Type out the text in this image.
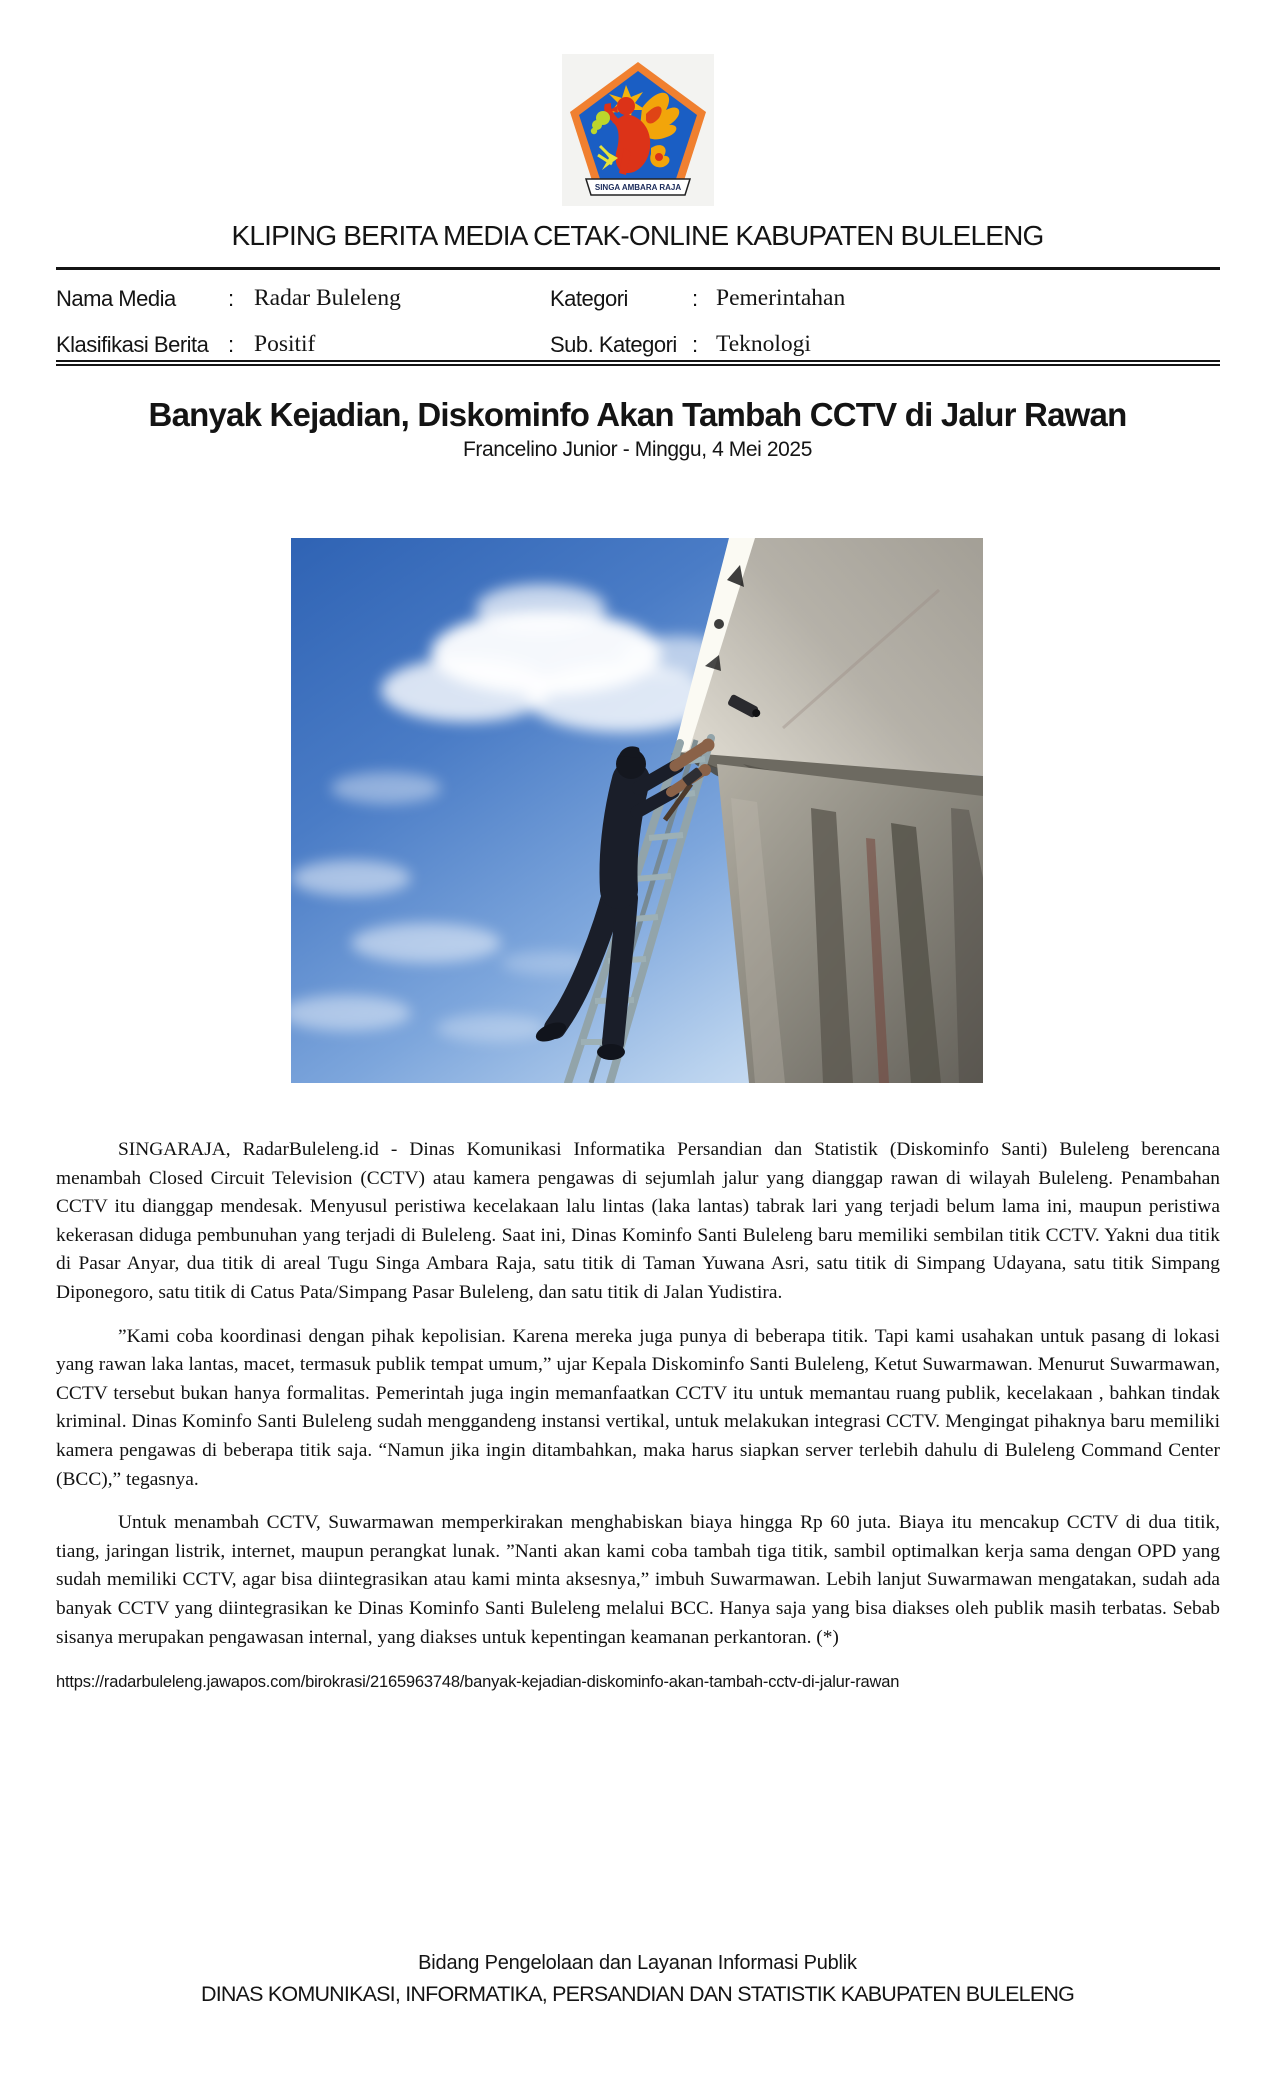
SINGA AMBARA RAJA
KLIPING BERITA MEDIA CETAK-ONLINE KABUPATEN BULELENG
Nama Media	: Radar Buleleng	Kategori	: Pemerintahan
Klasifikasi Berita : Positif	Sub. Kategori : Teknologi
Banyak Kejadian, Diskominfo Akan Tambah CCTV di Jalur Rawan
Francelino Junior - Minggu, 4 Mei 2025

SINGARAJA, RadarBuleleng.id - Dinas Komunikasi Informatika Persandian dan Statistik (Diskominfo Santi) Buleleng berencana menambah Closed Circuit Television (CCTV) atau kamera pengawas di sejumlah jalur yang dianggap rawan di wilayah Buleleng. Penambahan CCTV itu dianggap mendesak. Menyusul peristiwa kecelakaan lalu lintas (laka lantas) tabrak lari yang terjadi belum lama ini, maupun peristiwa kekerasan diduga pembunuhan yang terjadi di Buleleng. Saat ini, Dinas Kominfo Santi Buleleng baru memiliki sembilan titik CCTV. Yakni dua titik di Pasar Anyar, dua titik di areal Tugu Singa Ambara Raja, satu titik di Taman Yuwana Asri, satu titik di Simpang Udayana, satu titik Simpang Diponegoro, satu titik di Catus Pata/Simpang Pasar Buleleng, dan satu titik di Jalan Yudistira.

”Kami coba koordinasi dengan pihak kepolisian. Karena mereka juga punya di beberapa titik. Tapi kami usahakan untuk pasang di lokasi yang rawan laka lantas, macet, termasuk publik tempat umum,” ujar Kepala Diskominfo Santi Buleleng, Ketut Suwarmawan. Menurut Suwarmawan, CCTV tersebut bukan hanya formalitas. Pemerintah juga ingin memanfaatkan CCTV itu untuk memantau ruang publik, kecelakaan , bahkan tindak kriminal. Dinas Kominfo Santi Buleleng sudah menggandeng instansi vertikal, untuk melakukan integrasi CCTV. Mengingat pihaknya baru memiliki kamera pengawas di beberapa titik saja. “Namun jika ingin ditambahkan, maka harus siapkan server terlebih dahulu di Buleleng Command Center (BCC),” tegasnya.

Untuk menambah CCTV, Suwarmawan memperkirakan menghabiskan biaya hingga Rp 60 juta. Biaya itu mencakup CCTV di dua titik, tiang, jaringan listrik, internet, maupun perangkat lunak. ”Nanti akan kami coba tambah tiga titik, sambil optimalkan kerja sama dengan OPD yang sudah memiliki CCTV, agar bisa diintegrasikan atau kami minta aksesnya,” imbuh Suwarmawan. Lebih lanjut Suwarmawan mengatakan, sudah ada banyak CCTV yang diintegrasikan ke Dinas Kominfo Santi Buleleng melalui BCC. Hanya saja yang bisa diakses oleh publik masih terbatas. Sebab sisanya merupakan pengawasan internal, yang diakses untuk kepentingan keamanan perkantoran. (*)

https://radarbuleleng.jawapos.com/birokrasi/2165963748/banyak-kejadian-diskominfo-akan-tambah-cctv-di-jalur-rawan
Bidang Pengelolaan dan Layanan Informasi Publik
DINAS KOMUNIKASI, INFORMATIKA, PERSANDIAN DAN STATISTIK KABUPATEN BULELENG
